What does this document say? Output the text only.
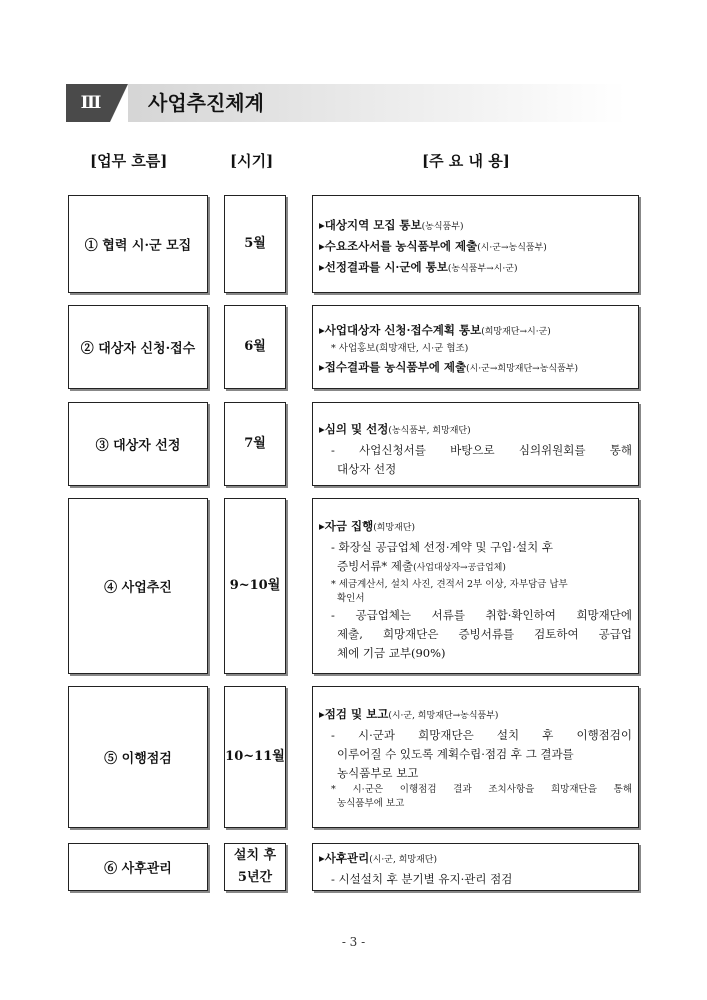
Ⅲ	사업추진체계
[업무 흐름]	[시기]	[주 요 내 용]
① 협력 시·군 모집	5월
▸대상지역 모집 통보(농식품부)
▸수요조사서를 농식품부에 제출(시·군→농식품부)
▸선정결과를 시·군에 통보(농식품부→시·군)
② 대상자 신청·접수	6월
▸사업대상자 신청·접수계획 통보(희망재단→시·군)
* 사업홍보(희망재단, 시·군 협조)
▸접수결과를 농식품부에 제출(시·군→희망재단→농식품부)
③ 대상자 선정	7월
▸심의 및 선정(농식품부, 희망재단)
- 사업신청서를 바탕으로 심의위원회를 통해
대상자 선정
④ 사업추진	9~10월
▸자금 집행(희망재단)
- 화장실 공급업체 선정·계약 및 구입·설치 후
증빙서류* 제출(사업대상자→공급업체)
* 세금계산서, 설치 사진, 견적서 2부 이상, 자부담금 납부
확인서
- 공급업체는 서류를 취합·확인하여 희망재단에
제출, 희망재단은 증빙서류를 검토하여 공급업
체에 기금 교부(90%)
⑤ 이행점검	10~11월
▸점검 및 보고(시·군, 희망재단→농식품부)
- 시·군과 희망재단은 설치 후 이행점검이
이루어질 수 있도록 계획수립·점검 후 그 결과를
농식품부로 보고
* 시·군은 이행점검 결과 조치사항을 희망재단을 통해
농식품부에 보고
⑥ 사후관리
설치 후
5년간
▸사후관리(시·군, 희망재단)
- 시설설치 후 분기별 유지·관리 점검
- 3 -
